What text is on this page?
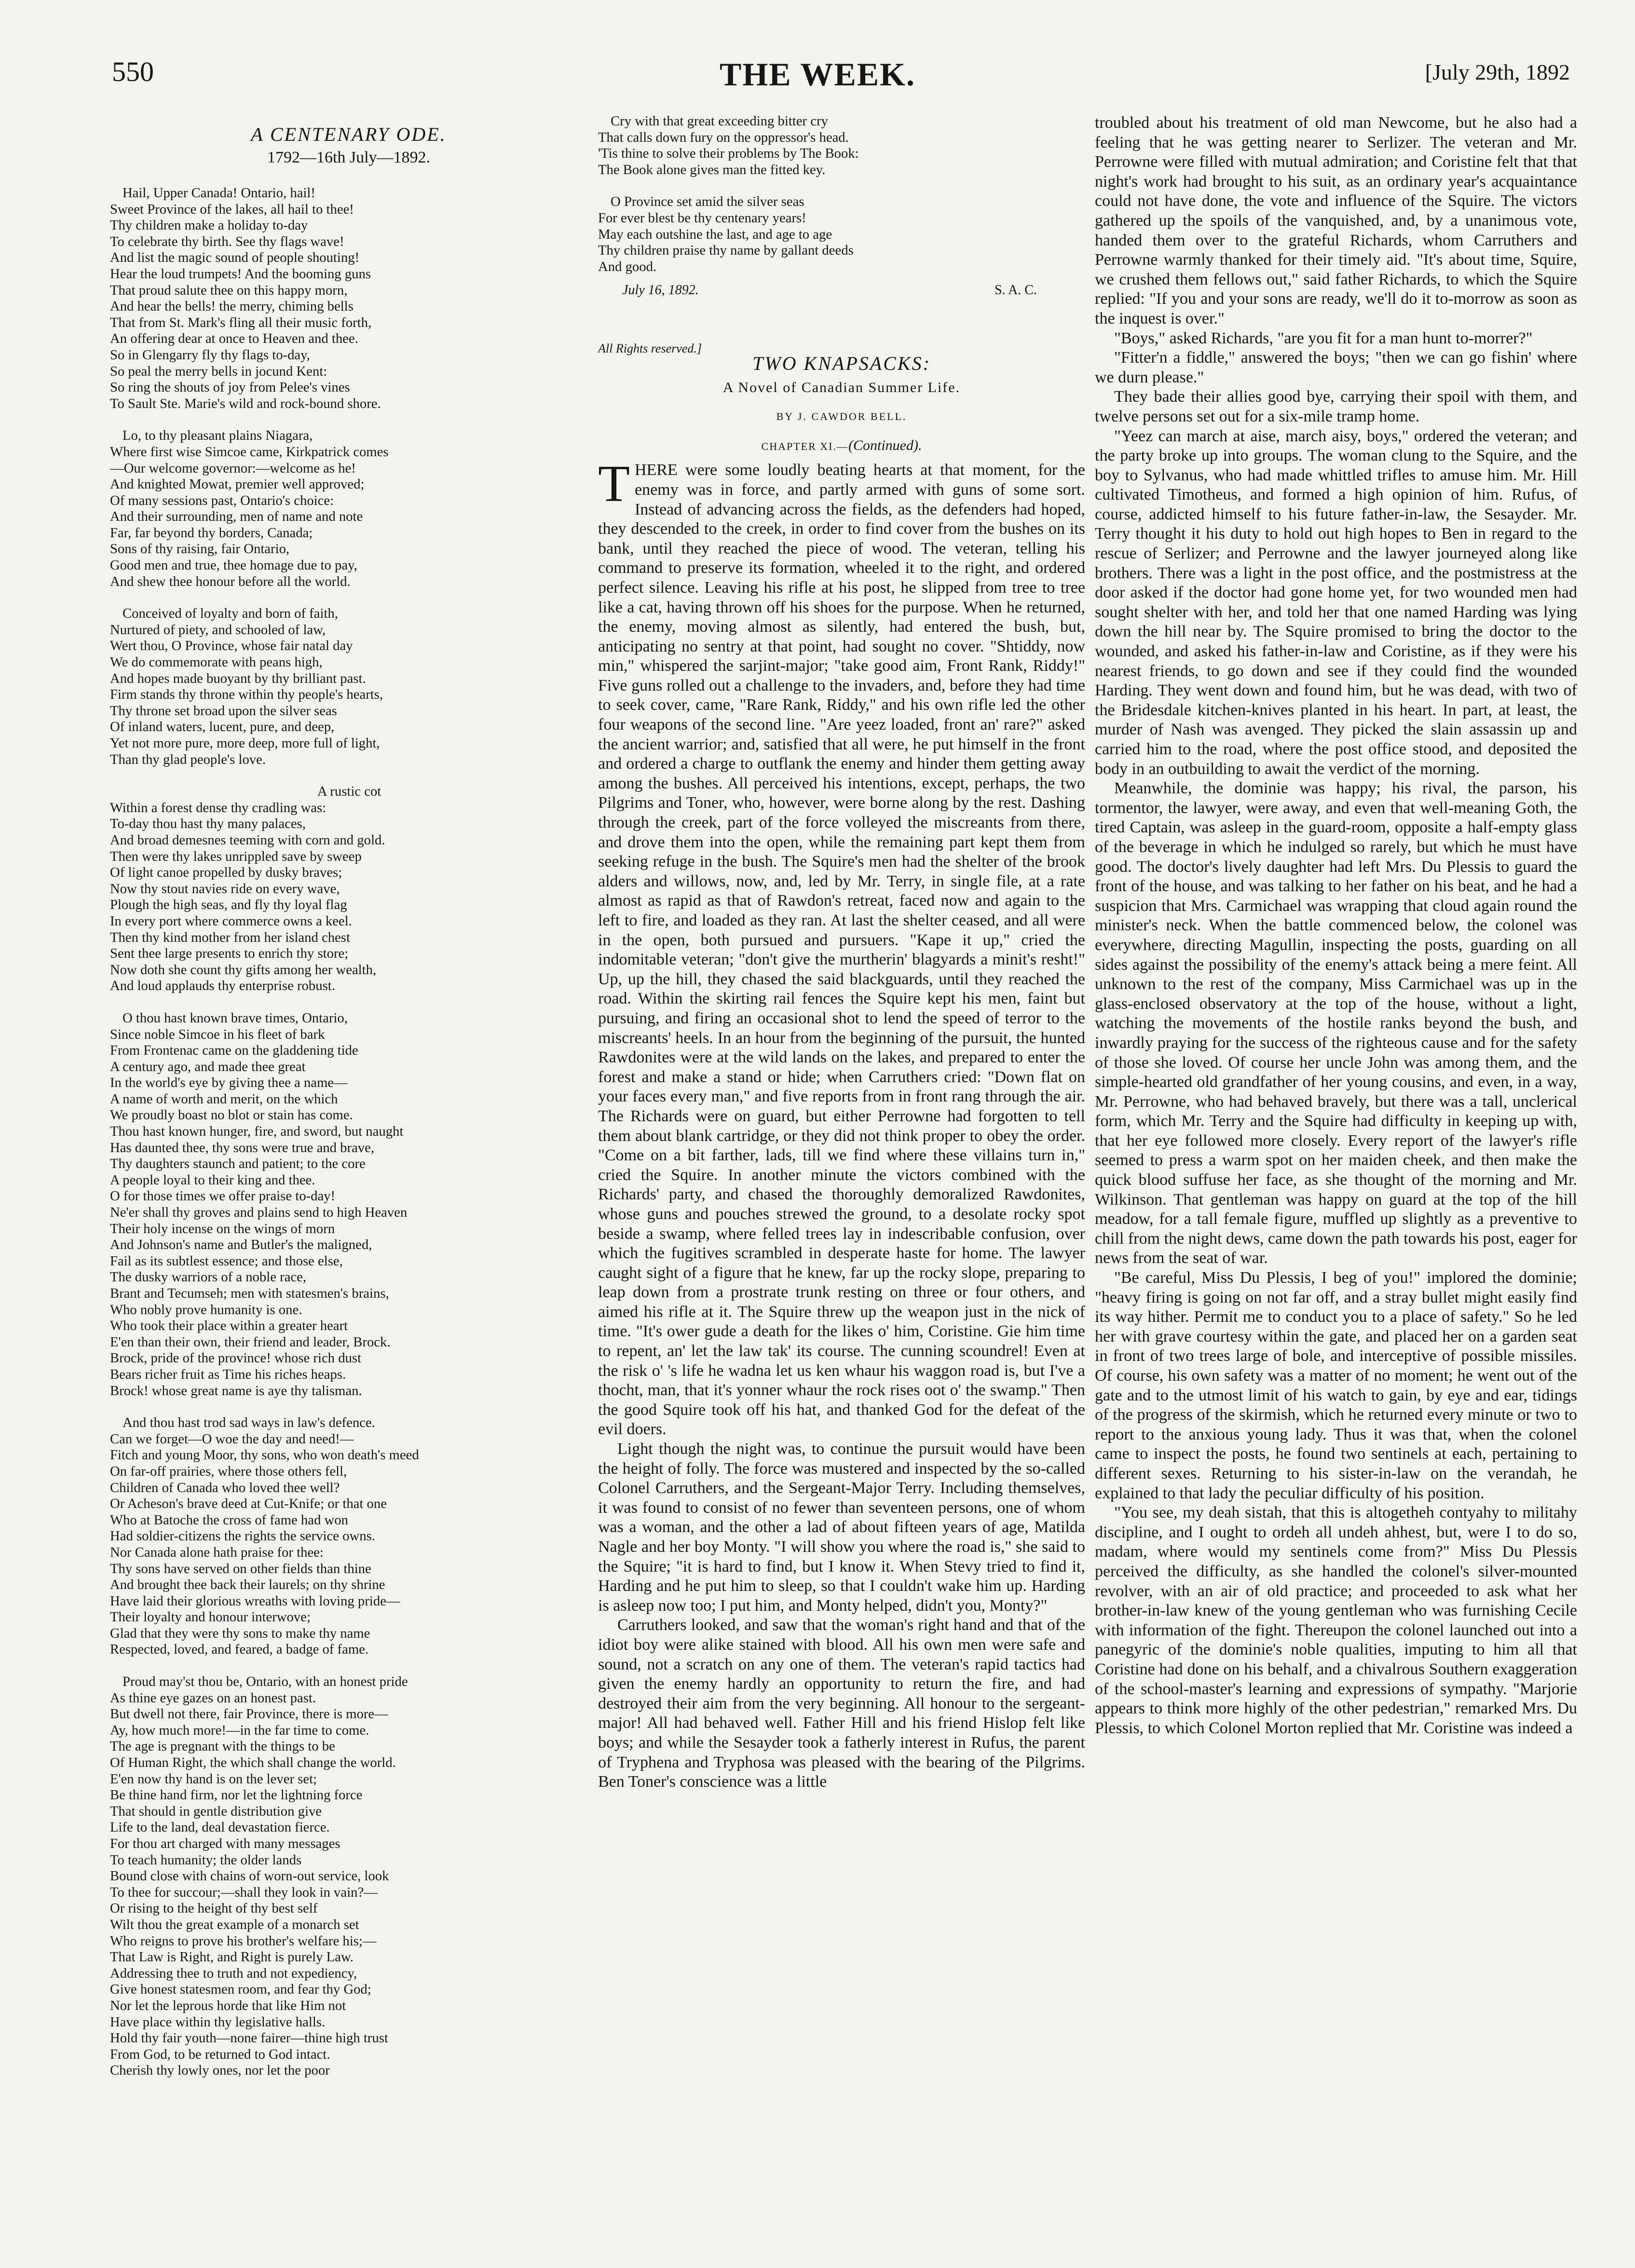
550	THE WEEK.	[July 29th, 1892
A CENTENARY ODE.
1792—16th July—1892.
Hail, Upper Canada! Ontario, hail!
Sweet Province of the lakes, all hail to thee!
Thy children make a holiday to-day
To celebrate thy birth. See thy flags wave!
And list the magic sound of people shouting!
Hear the loud trumpets! And the booming guns
That proud salute thee on this happy morn,
And hear the bells! the merry, chiming bells
That from St. Mark's fling all their music forth,
An offering dear at once to Heaven and thee.
So in Glengarry fly thy flags to-day,
So peal the merry bells in jocund Kent:
So ring the shouts of joy from Pelee's vines
To Sault Ste. Marie's wild and rock-bound shore.
Lo, to thy pleasant plains Niagara,
Where first wise Simcoe came, Kirkpatrick comes
—Our welcome governor:—welcome as he!
And knighted Mowat, premier well approved;
Of many sessions past, Ontario's choice:
And their surrounding, men of name and note
Far, far beyond thy borders, Canada;
Sons of thy raising, fair Ontario,
Good men and true, thee homage due to pay,
And shew thee honour before all the world.
Conceived of loyalty and born of faith,
Nurtured of piety, and schooled of law,
Wert thou, O Province, whose fair natal day
We do commemorate with peans high,
And hopes made buoyant by thy brilliant past.
Firm stands thy throne within thy people's hearts,
Thy throne set broad upon the silver seas
Of inland waters, lucent, pure, and deep,
Yet not more pure, more deep, more full of light,
Than thy glad people's love.
A rustic cot
Within a forest dense thy cradling was:
To-day thou hast thy many palaces,
And broad demesnes teeming with corn and gold.
Then were thy lakes unrippled save by sweep
Of light canoe propelled by dusky braves;
Now thy stout navies ride on every wave,
Plough the high seas, and fly thy loyal flag
In every port where commerce owns a keel.
Then thy kind mother from her island chest
Sent thee large presents to enrich thy store;
Now doth she count thy gifts among her wealth,
And loud applauds thy enterprise robust.
O thou hast known brave times, Ontario,
Since noble Simcoe in his fleet of bark
From Frontenac came on the gladdening tide
A century ago, and made thee great
In the world's eye by giving thee a name—
A name of worth and merit, on the which
We proudly boast no blot or stain has come.
Thou hast known hunger, fire, and sword, but naught
Has daunted thee, thy sons were true and brave,
Thy daughters staunch and patient; to the core
A people loyal to their king and thee.
O for those times we offer praise to-day!
Ne'er shall thy groves and plains send to high Heaven
Their holy incense on the wings of morn
And Johnson's name and Butler's the maligned,
Fail as its subtlest essence; and those else,
The dusky warriors of a noble race,
Brant and Tecumseh; men with statesmen's brains,
Who nobly prove humanity is one.
Who took their place within a greater heart
E'en than their own, their friend and leader, Brock.
Brock, pride of the province! whose rich dust
Bears richer fruit as Time his riches heaps.
Brock! whose great name is aye thy talisman.
And thou hast trod sad ways in law's defence.
Can we forget—O woe the day and need!—
Fitch and young Moor, thy sons, who won death's meed
On far-off prairies, where those others fell,
Children of Canada who loved thee well?
Or Acheson's brave deed at Cut-Knife; or that one
Who at Batoche the cross of fame had won
Had soldier-citizens the rights the service owns.
Nor Canada alone hath praise for thee:
Thy sons have served on other fields than thine
And brought thee back their laurels; on thy shrine
Have laid their glorious wreaths with loving pride—
Their loyalty and honour interwove;
Glad that they were thy sons to make thy name
Respected, loved, and feared, a badge of fame.
Proud may'st thou be, Ontario, with an honest pride
As thine eye gazes on an honest past.
But dwell not there, fair Province, there is more—
Ay, how much more!—in the far time to come.
The age is pregnant with the things to be
Of Human Right, the which shall change the world.
E'en now thy hand is on the lever set;
Be thine hand firm, nor let the lightning force
That should in gentle distribution give
Life to the land, deal devastation fierce.
For thou art charged with many messages
To teach humanity; the older lands
Bound close with chains of worn-out service, look
To thee for succour;—shall they look in vain?—
Or rising to the height of thy best self
Wilt thou the great example of a monarch set
Who reigns to prove his brother's welfare his;—
That Law is Right, and Right is purely Law.
Addressing thee to truth and not expediency,
Give honest statesmen room, and fear thy God;
Nor let the leprous horde that like Him not
Have place within thy legislative halls.
Hold thy fair youth—none fairer—thine high trust
From God, to be returned to God intact.
Cherish thy lowly ones, nor let the poor
Cry with that great exceeding bitter cry
That calls down fury on the oppressor's head.
'Tis thine to solve their problems by The Book:
The Book alone gives man the fitted key.
O Province set amid the silver seas
For ever blest be thy centenary years!
May each outshine the last, and age to age
Thy children praise thy name by gallant deeds
And good.
July 16, 1892.	S. A. C.
All Rights reserved.]
TWO KNAPSACKS:
A Novel of Canadian Summer Life.
BY J. CAWDOR BELL.
CHAPTER XI.—(Continued).

THERE were some loudly beating hearts at that moment, for the enemy was in force, and partly armed with guns of some sort. Instead of advancing across the fields, as the defenders had hoped, they descended to the creek, in order to find cover from the bushes on its bank, until they reached the piece of wood. The veteran, telling his command to preserve its formation, wheeled it to the right, and ordered perfect silence. Leaving his rifle at his post, he slipped from tree to tree like a cat, having thrown off his shoes for the purpose. When he returned, the enemy, moving almost as silently, had entered the bush, but, anticipating no sentry at that point, had sought no cover. "Shtiddy, now min," whispered the sarjint-major; "take good aim, Front Rank, Riddy!" Five guns rolled out a challenge to the invaders, and, before they had time to seek cover, came, "Rare Rank, Riddy," and his own rifle led the other four weapons of the second line. "Are yeez loaded, front an' rare?" asked the ancient warrior; and, satisfied that all were, he put himself in the front and ordered a charge to outflank the enemy and hinder them getting away among the bushes. All perceived his intentions, except, perhaps, the two Pilgrims and Toner, who, however, were borne along by the rest. Dashing through the creek, part of the force volleyed the miscreants from there, and drove them into the open, while the remaining part kept them from seeking refuge in the bush. The Squire's men had the shelter of the brook alders and willows, now, and, led by Mr. Terry, in single file, at a rate almost as rapid as that of Rawdon's retreat, faced now and again to the left to fire, and loaded as they ran. At last the shelter ceased, and all were in the open, both pursued and pursuers. "Kape it up," cried the indomitable veteran; "don't give the murtherin' blagyards a minit's resht!" Up, up the hill, they chased the said blackguards, until they reached the road. Within the skirting rail fences the Squire kept his men, faint but pursuing, and firing an occasional shot to lend the speed of terror to the miscreants' heels. In an hour from the beginning of the pursuit, the hunted Rawdonites were at the wild lands on the lakes, and prepared to enter the forest and make a stand or hide; when Carruthers cried: "Down flat on your faces every man," and five reports from in front rang through the air. The Richards were on guard, but either Perrowne had forgotten to tell them about blank cartridge, or they did not think proper to obey the order. "Come on a bit farther, lads, till we find where these villains turn in," cried the Squire. In another minute the victors combined with the Richards' party, and chased the thoroughly demoralized Rawdonites, whose guns and pouches strewed the ground, to a desolate rocky spot beside a swamp, where felled trees lay in indescribable confusion, over which the fugitives scrambled in desperate haste for home. The lawyer caught sight of a figure that he knew, far up the rocky slope, preparing to leap down from a prostrate trunk resting on three or four others, and aimed his rifle at it. The Squire threw up the weapon just in the nick of time. "It's ower gude a death for the likes o' him, Coristine. Gie him time to repent, an' let the law tak' its course. The cunning scoundrel! Even at the risk o' 's life he wadna let us ken whaur his waggon road is, but I've a thocht, man, that it's yonner whaur the rock rises oot o' the swamp." Then the good Squire took off his hat, and thanked God for the defeat of the evil doers.

Light though the night was, to continue the pursuit would have been the height of folly. The force was mustered and inspected by the so-called Colonel Carruthers, and the Sergeant-Major Terry. Including themselves, it was found to consist of no fewer than seventeen persons, one of whom was a woman, and the other a lad of about fifteen years of age, Matilda Nagle and her boy Monty. "I will show you where the road is," she said to the Squire; "it is hard to find, but I know it. When Stevy tried to find it, Harding and he put him to sleep, so that I couldn't wake him up. Harding is asleep now too; I put him, and Monty helped, didn't you, Monty?"

Carruthers looked, and saw that the woman's right hand and that of the idiot boy were alike stained with blood. All his own men were safe and sound, not a scratch on any one of them. The veteran's rapid tactics had given the enemy hardly an opportunity to return the fire, and had destroyed their aim from the very beginning. All honour to the sergeant-major! All had behaved well. Father Hill and his friend Hislop felt like boys; and while the Sesayder took a fatherly interest in Rufus, the parent of Tryphena and Tryphosa was pleased with the bearing of the Pilgrims. Ben Toner's conscience was a little

troubled about his treatment of old man Newcome, but he also had a feeling that he was getting nearer to Serlizer. The veteran and Mr. Perrowne were filled with mutual admiration; and Coristine felt that that night's work had brought to his suit, as an ordinary year's acquaintance could not have done, the vote and influence of the Squire. The victors gathered up the spoils of the vanquished, and, by a unanimous vote, handed them over to the grateful Richards, whom Carruthers and Perrowne warmly thanked for their timely aid. "It's about time, Squire, we crushed them fellows out," said father Richards, to which the Squire replied: "If you and your sons are ready, we'll do it to-morrow as soon as the inquest is over."

"Boys," asked Richards, "are you fit for a man hunt to-morrer?"

"Fitter'n a fiddle," answered the boys; "then we can go fishin' where we durn please."

They bade their allies good bye, carrying their spoil with them, and twelve persons set out for a six-mile tramp home.

"Yeez can march at aise, march aisy, boys," ordered the veteran; and the party broke up into groups. The woman clung to the Squire, and the boy to Sylvanus, who had made whittled trifles to amuse him. Mr. Hill cultivated Timotheus, and formed a high opinion of him. Rufus, of course, addicted himself to his future father-in-law, the Sesayder. Mr. Terry thought it his duty to hold out high hopes to Ben in regard to the rescue of Serlizer; and Perrowne and the lawyer journeyed along like brothers. There was a light in the post office, and the postmistress at the door asked if the doctor had gone home yet, for two wounded men had sought shelter with her, and told her that one named Harding was lying down the hill near by. The Squire promised to bring the doctor to the wounded, and asked his father-in-law and Coristine, as if they were his nearest friends, to go down and see if they could find the wounded Harding. They went down and found him, but he was dead, with two of the Bridesdale kitchen-knives planted in his heart. In part, at least, the murder of Nash was avenged. They picked the slain assassin up and carried him to the road, where the post office stood, and deposited the body in an outbuilding to await the verdict of the morning.

Meanwhile, the dominie was happy; his rival, the parson, his tormentor, the lawyer, were away, and even that well-meaning Goth, the tired Captain, was asleep in the guard-room, opposite a half-empty glass of the beverage in which he indulged so rarely, but which he must have good. The doctor's lively daughter had left Mrs. Du Plessis to guard the front of the house, and was talking to her father on his beat, and he had a suspicion that Mrs. Carmichael was wrapping that cloud again round the minister's neck. When the battle commenced below, the colonel was everywhere, directing Magullin, inspecting the posts, guarding on all sides against the possibility of the enemy's attack being a mere feint. All unknown to the rest of the company, Miss Carmichael was up in the glass-enclosed observatory at the top of the house, without a light, watching the movements of the hostile ranks beyond the bush, and inwardly praying for the success of the righteous cause and for the safety of those she loved. Of course her uncle John was among them, and the simple-hearted old grandfather of her young cousins, and even, in a way, Mr. Perrowne, who had behaved bravely, but there was a tall, unclerical form, which Mr. Terry and the Squire had difficulty in keeping up with, that her eye followed more closely. Every report of the lawyer's rifle seemed to press a warm spot on her maiden cheek, and then make the quick blood suffuse her face, as she thought of the morning and Mr. Wilkinson. That gentleman was happy on guard at the top of the hill meadow, for a tall female figure, muffled up slightly as a preventive to chill from the night dews, came down the path towards his post, eager for news from the seat of war.

"Be careful, Miss Du Plessis, I beg of you!" implored the dominie; "heavy firing is going on not far off, and a stray bullet might easily find its way hither. Permit me to conduct you to a place of safety." So he led her with grave courtesy within the gate, and placed her on a garden seat in front of two trees large of bole, and interceptive of possible missiles. Of course, his own safety was a matter of no moment; he went out of the gate and to the utmost limit of his watch to gain, by eye and ear, tidings of the progress of the skirmish, which he returned every minute or two to report to the anxious young lady. Thus it was that, when the colonel came to inspect the posts, he found two sentinels at each, pertaining to different sexes. Returning to his sister-in-law on the verandah, he explained to that lady the peculiar difficulty of his position.

"You see, my deah sistah, that this is altogetheh contyahy to militahy discipline, and I ought to ordeh all undeh ahhest, but, were I to do so, madam, where would my sentinels come from?" Miss Du Plessis perceived the difficulty, as she handled the colonel's silver-mounted revolver, with an air of old practice; and proceeded to ask what her brother-in-law knew of the young gentleman who was furnishing Cecile with information of the fight. Thereupon the colonel launched out into a panegyric of the dominie's noble qualities, imputing to him all that Coristine had done on his behalf, and a chivalrous Southern exaggeration of the school-master's learning and expressions of sympathy. "Marjorie appears to think more highly of the other pedestrian," remarked Mrs. Du Plessis, to which Colonel Morton replied that Mr. Coristine was indeed a
